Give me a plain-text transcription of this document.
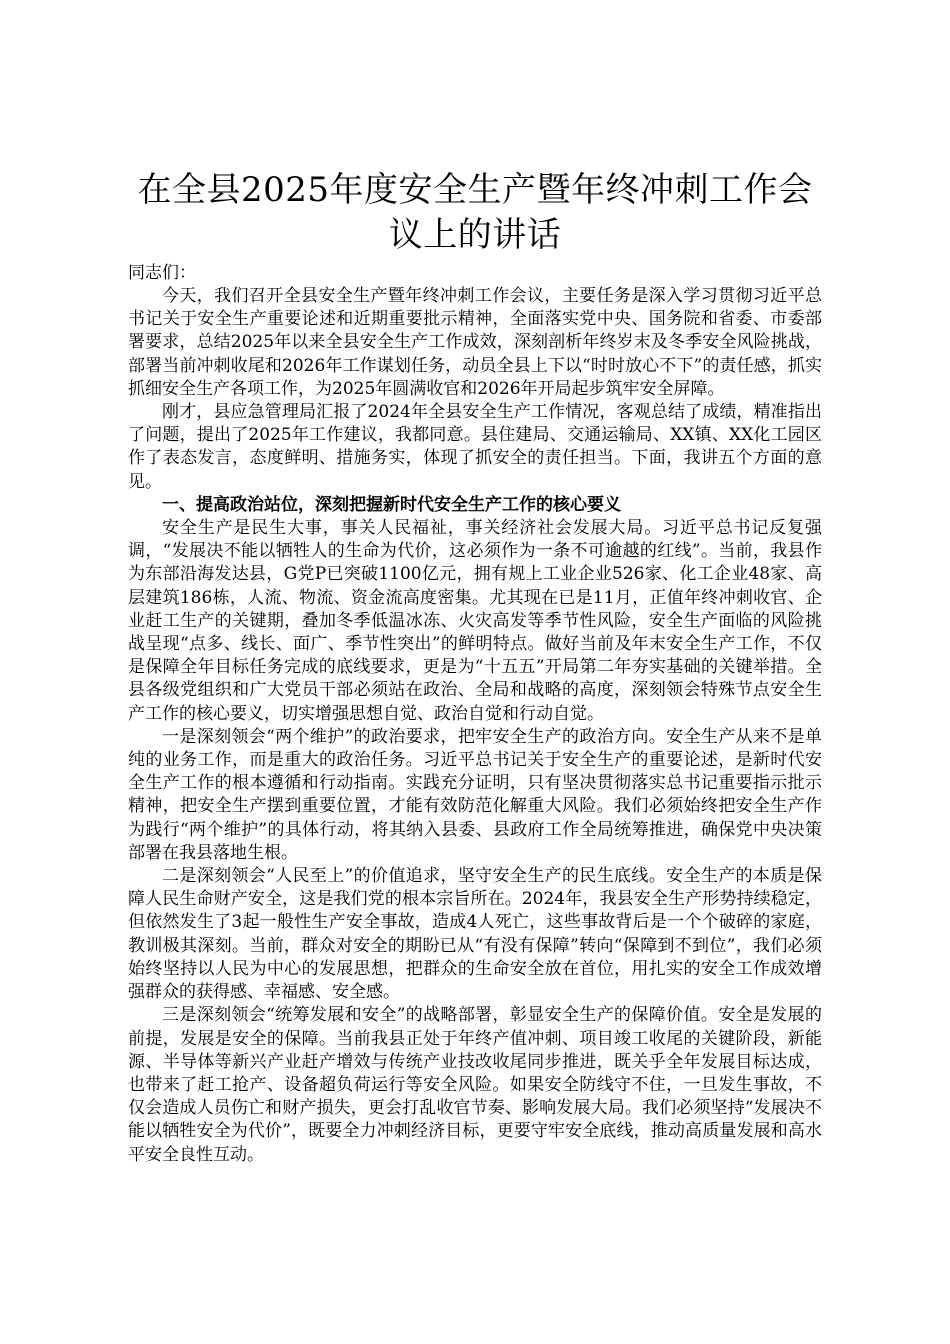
在全县2025年度安全生产暨年终冲刺工作会议上的讲话

同志们：

今天，我们召开全县安全生产暨年终冲刺工作会议，主要任务是深入学习贯彻习近平总书记关于安全生产重要论述和近期重要批示精神，全面落实党中央、国务院和省委、市委部署要求，总结2025年以来全县安全生产工作成效，深刻剖析年终岁末及冬季安全风险挑战，部署当前冲刺收尾和2026年工作谋划任务，动员全县上下以“时时放心不下”的责任感，抓实抓细安全生产各项工作，为2025年圆满收官和2026年开局起步筑牢安全屏障。

刚才，县应急管理局汇报了2024年全县安全生产工作情况，客观总结了成绩，精准指出了问题，提出了2025年工作建议，我都同意。县住建局、交通运输局、XX镇、XX化工园区作了表态发言，态度鲜明、措施务实，体现了抓安全的责任担当。下面，我讲五个方面的意见。

一、提高政治站位，深刻把握新时代安全生产工作的核心要义

安全生产是民生大事，事关人民福祉，事关经济社会发展大局。习近平总书记反复强调，“发展决不能以牺牲人的生命为代价，这必须作为一条不可逾越的红线”。当前，我县作为东部沿海发达县，G党P已突破1100亿元，拥有规上工业企业526家、化工企业48家、高层建筑186栋，人流、物流、资金流高度密集。尤其现在已是11月，正值年终冲刺收官、企业赶工生产的关键期，叠加冬季低温冰冻、火灾高发等季节性风险，安全生产面临的风险挑战呈现“点多、线长、面广、季节性突出”的鲜明特点。做好当前及年末安全生产工作，不仅是保障全年目标任务完成的底线要求，更是为“十五五”开局第二年夯实基础的关键举措。全县各级党组织和广大党员干部必须站在政治、全局和战略的高度，深刻领会特殊节点安全生产工作的核心要义，切实增强思想自觉、政治自觉和行动自觉。

一是深刻领会“两个维护”的政治要求，把牢安全生产的政治方向。安全生产从来不是单纯的业务工作，而是重大的政治任务。习近平总书记关于安全生产的重要论述，是新时代安全生产工作的根本遵循和行动指南。实践充分证明，只有坚决贯彻落实总书记重要指示批示精神，把安全生产摆到重要位置，才能有效防范化解重大风险。我们必须始终把安全生产作为践行“两个维护”的具体行动，将其纳入县委、县政府工作全局统筹推进，确保党中央决策部署在我县落地生根。

二是深刻领会“人民至上”的价值追求，坚守安全生产的民生底线。安全生产的本质是保障人民生命财产安全，这是我们党的根本宗旨所在。2024年，我县安全生产形势持续稳定，但依然发生了3起一般性生产安全事故，造成4人死亡，这些事故背后是一个个破碎的家庭，教训极其深刻。当前，群众对安全的期盼已从“有没有保障”转向“保障到不到位”，我们必须始终坚持以人民为中心的发展思想，把群众的生命安全放在首位，用扎实的安全工作成效增强群众的获得感、幸福感、安全感。

三是深刻领会“统筹发展和安全”的战略部署，彰显安全生产的保障价值。安全是发展的前提，发展是安全的保障。当前我县正处于年终产值冲刺、项目竣工收尾的关键阶段，新能源、半导体等新兴产业赶产增效与传统产业技改收尾同步推进，既关乎全年发展目标达成，也带来了赶工抢产、设备超负荷运行等安全风险。如果安全防线守不住，一旦发生事故，不仅会造成人员伤亡和财产损失，更会打乱收官节奏、影响发展大局。我们必须坚持“发展决不能以牺牲安全为代价”，既要全力冲刺经济目标，更要守牢安全底线，推动高质量发展和高水平安全良性互动。
